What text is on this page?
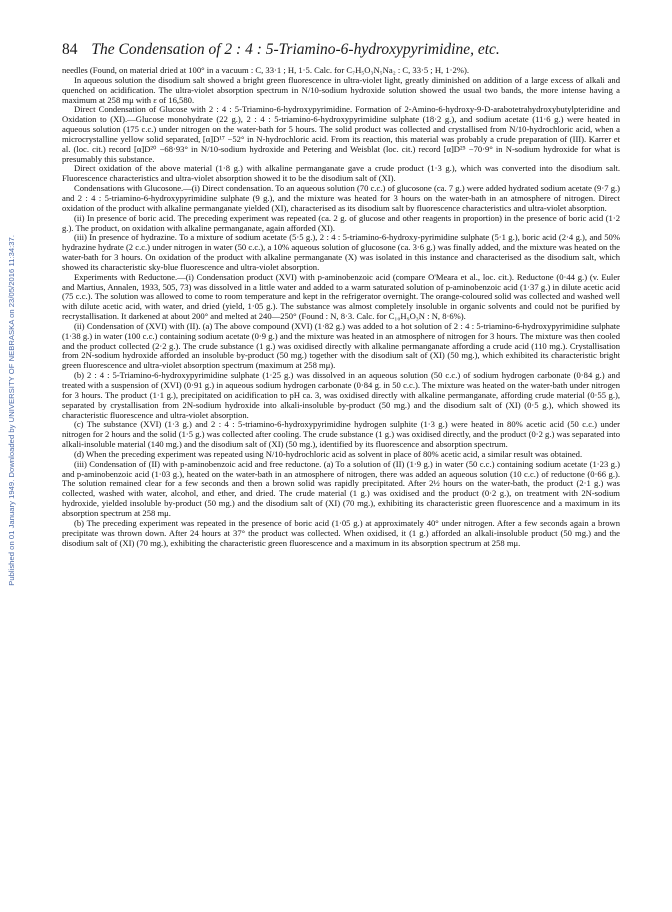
Published on 01 January 1949. Downloaded by UNIVERSITY OF NEBRASKA on 23/05/2016 11:34:37.
84 The Condensation of 2 : 4 : 5-Triamino-6-hydroxypyrimidine, etc.

needles (Found, on material dried at 100° in a vacuum : C, 33·1 ; H, 1·5. Calc. for C₇H₅O₃N₅Na₂ : C, 33·5 ; H, 1·2%).

In aqueous solution the disodium salt showed a bright green fluorescence in ultra-violet light, greatly diminished on addition of a large excess of alkali and quenched on acidification. The ultra-violet absorption spectrum in N/10-sodium hydroxide solution showed the usual two bands, the more intense having a maximum at 258 mμ with ε of 16,580.

Direct Condensation of Glucose with 2 : 4 : 5-Triamino-6-hydroxypyrimidine. Formation of 2-Amino-6-hydroxy-9-D-arabotetrahydroxybutylpteridine and Oxidation to (XI).—Glucose monohydrate (22 g.), 2 : 4 : 5-triamino-6-hydroxypyrimidine sulphate (18·2 g.), and sodium acetate (11·6 g.) were heated in aqueous solution (175 c.c.) under nitrogen on the water-bath for 5 hours. The solid product was collected and crystallised from N/10-hydrochloric acid, when a microcrystalline yellow solid separated, [α]D¹⁷ −52° in N-hydrochloric acid. From its reaction, this material was probably a crude preparation of (III). Karrer et al. (loc. cit.) record [α]D²⁰ −68·93° in N/10-sodium hydroxide and Petering and Weisblat (loc. cit.) record [α]D²⁵ −70·9° in N-sodium hydroxide for what is presumably this substance.

Direct oxidation of the above material (1·8 g.) with alkaline permanganate gave a crude product (1·3 g.), which was converted into the disodium salt. Fluorescence characteristics and ultra-violet absorption showed it to be the disodium salt of (XI).

Condensations with Glucosone.—(i) Direct condensation. To an aqueous solution (70 c.c.) of glucosone (ca. 7 g.) were added hydrated sodium acetate (9·7 g.) and 2 : 4 : 5-triamino-6-hydroxypyrimidine sulphate (9 g.), and the mixture was heated for 3 hours on the water-bath in an atmosphere of nitrogen. Direct oxidation of the product with alkaline permanganate yielded (XI), characterised as its disodium salt by fluorescence characteristics and ultra-violet absorption.

(ii) In presence of boric acid. The preceding experiment was repeated (ca. 2 g. of glucose and other reagents in proportion) in the presence of boric acid (1·2 g.). The product, on oxidation with alkaline permanganate, again afforded (XI).

(iii) In presence of hydrazine. To a mixture of sodium acetate (5·5 g.), 2 : 4 : 5-triamino-6-hydroxy-pyrimidine sulphate (5·1 g.), boric acid (2·4 g.), and 50% hydrazine hydrate (2 c.c.) under nitrogen in water (50 c.c.), a 10% aqueous solution of glucosone (ca. 3·6 g.) was finally added, and the mixture was heated on the water-bath for 3 hours. On oxidation of the product with alkaline permanganate (X) was isolated in this instance and characterised as the disodium salt, which showed its characteristic sky-blue fluorescence and ultra-violet absorption.

Experiments with Reductone.—(i) Condensation product (XVI) with p-aminobenzoic acid (compare O'Meara et al., loc. cit.). Reductone (0·44 g.) (v. Euler and Martius, Annalen, 1933, 505, 73) was dissolved in a little water and added to a warm saturated solution of p-aminobenzoic acid (1·37 g.) in dilute acetic acid (75 c.c.). The solution was allowed to come to room temperature and kept in the refrigerator overnight. The orange-coloured solid was collected and washed well with dilute acetic acid, with water, and dried (yield, 1·05 g.). The substance was almost completely insoluble in organic solvents and could not be purified by recrystallisation. It darkened at about 200° and melted at 240—250° (Found : N, 8·3. Calc. for C₁₀H₉O₃N : N, 8·6%).

(ii) Condensation of (XVI) with (II). (a) The above compound (XVI) (1·82 g.) was added to a hot solution of 2 : 4 : 5-triamino-6-hydroxypyrimidine sulphate (1·38 g.) in water (100 c.c.) containing sodium acetate (0·9 g.) and the mixture was heated in an atmosphere of nitrogen for 3 hours. The mixture was then cooled and the product collected (2·2 g.). The crude substance (1 g.) was oxidised directly with alkaline permanganate affording a crude acid (110 mg.). Crystallisation from 2N-sodium hydroxide afforded an insoluble by-product (50 mg.) together with the disodium salt of (XI) (50 mg.), which exhibited its characteristic bright green fluorescence and ultra-violet absorption spectrum (maximum at 258 mμ).

(b) 2 : 4 : 5-Triamino-6-hydroxypyrimidine sulphate (1·25 g.) was dissolved in an aqueous solution (50 c.c.) of sodium hydrogen carbonate (0·84 g.) and treated with a suspension of (XVI) (0·91 g.) in aqueous sodium hydrogen carbonate (0·84 g. in 50 c.c.). The mixture was heated on the water-bath under nitrogen for 3 hours. The product (1·1 g.), precipitated on acidification to pH ca. 3, was oxidised directly with alkaline permanganate, affording crude material (0·55 g.), separated by crystallisation from 2N-sodium hydroxide into alkali-insoluble by-product (50 mg.) and the disodium salt of (XI) (0·5 g.), which showed its characteristic fluorescence and ultra-violet absorption.

(c) The substance (XVI) (1·3 g.) and 2 : 4 : 5-triamino-6-hydroxypyrimidine hydrogen sulphite (1·3 g.) were heated in 80% acetic acid (50 c.c.) under nitrogen for 2 hours and the solid (1·5 g.) was collected after cooling. The crude substance (1 g.) was oxidised directly, and the product (0·2 g.) was separated into alkali-insoluble material (140 mg.) and the disodium salt of (XI) (50 mg.), identified by its fluorescence and absorption spectrum.

(d) When the preceding experiment was repeated using N/10-hydrochloric acid as solvent in place of 80% acetic acid, a similar result was obtained.

(iii) Condensation of (II) with p-aminobenzoic acid and free reductone. (a) To a solution of (II) (1·9 g.) in water (50 c.c.) containing sodium acetate (1·23 g.) and p-aminobenzoic acid (1·03 g.), heated on the water-bath in an atmosphere of nitrogen, there was added an aqueous solution (10 c.c.) of reductone (0·66 g.). The solution remained clear for a few seconds and then a brown solid was rapidly precipitated. After 2½ hours on the water-bath, the product (2·1 g.) was collected, washed with water, alcohol, and ether, and dried. The crude material (1 g.) was oxidised and the product (0·2 g.), on treatment with 2N-sodium hydroxide, yielded insoluble by-product (50 mg.) and the disodium salt of (XI) (70 mg.), exhibiting its characteristic green fluorescence and a maximum in its absorption spectrum at 258 mμ.

(b) The preceding experiment was repeated in the presence of boric acid (1·05 g.) at approximately 40° under nitrogen. After a few seconds again a brown precipitate was thrown down. After 24 hours at 37° the product was collected. When oxidised, it (1 g.) afforded an alkali-insoluble product (50 mg.) and the disodium salt of (XI) (70 mg.), exhibiting the characteristic green fluorescence and a maximum in its absorption spectrum at 258 mμ.
